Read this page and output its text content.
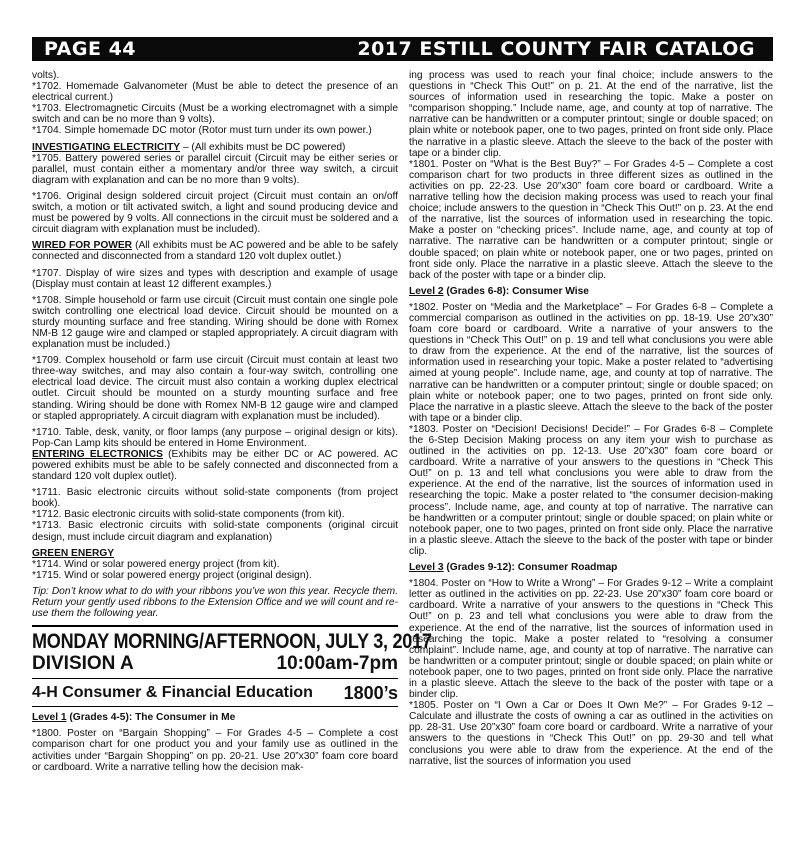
PAGE 44	2017 ESTILL COUNTY FAIR CATALOG

volts).

*1702. Homemade Galvanometer (Must be able to detect the presence of an electrical current.)

*1703. Electromagnetic Circuits (Must be a working electromagnet with a simple switch and can be no more than 9 volts).

*1704. Simple homemade DC motor (Rotor must turn under its own power.)

INVESTIGATING ELECTRICITY – (All exhibits must be DC powered)

*1705. Battery powered series or parallel circuit (Circuit may be either series or parallel, must contain either a momentary and/or three way switch, a circuit diagram with explanation and can be no more than 9 volts).

*1706. Original design soldered circuit project (Circuit must contain an on/off switch, a motion or tilt activated switch, a light and sound producing device and must be powered by 9 volts. All connections in the circuit must be soldered and a circuit diagram with explanation must be included).

WIRED FOR POWER (All exhibits must be AC powered and be able to be safely connected and disconnected from a standard 120 volt duplex outlet.)

*1707. Display of wire sizes and types with description and example of usage (Display must contain at least 12 different examples.)

*1708. Simple household or farm use circuit (Circuit must contain one single pole switch controlling one electrical load device. Circuit should be mounted on a sturdy mounting surface and free standing. Wiring should be done with Romex NM-B 12 gauge wire and clamped or stapled appropriately. A circuit diagram with explanation must be included.)

*1709. Complex household or farm use circuit (Circuit must contain at least two three-way switches, and may also contain a four-way switch, controlling one electrical load device. The circuit must also contain a working duplex electrical outlet. Circuit should be mounted on a sturdy mounting surface and free standing. Wiring should be done with Romex NM-B 12 gauge wire and clamped or stapled appropriately. A circuit diagram with explanation must be included).

*1710. Table, desk, vanity, or floor lamps (any purpose – original design or kits). Pop-Can Lamp kits should be entered in Home Environment.

ENTERING ELECTRONICS (Exhibits may be either DC or AC powered. AC powered exhibits must be able to be safely connected and disconnected from a standard 120 volt duplex outlet).

*1711. Basic electronic circuits without solid-state components (from project book).

*1712. Basic electronic circuits with solid-state components (from kit).

*1713. Basic electronic circuits with solid-state components (original circuit design, must include circuit diagram and explanation)

GREEN ENERGY

*1714. Wind or solar powered energy project (from kit).

*1715. Wind or solar powered energy project (original design).

Tip: Don’t know what to do with your ribbons you’ve won this year. Recycle them. Return your gently used ribbons to the Extension Office and we will count and re-use them the following year.

MONDAY MORNING/AFTERNOON, JULY 3, 2017
DIVISION A	10:00am-7pm
4-H Consumer & Financial Education 1800’s

Level 1 (Grades 4-5): The Consumer in Me

*1800. Poster on “Bargain Shopping” – For Grades 4-5 – Complete a cost comparison chart for one product you and your family use as outlined in the activities under “Bargain Shopping” on pp. 20-21. Use 20”x30” foam core board or cardboard. Write a narrative telling how the decision mak-

ing process was used to reach your final choice; include answers to the questions in “Check This Out!” on p. 21. At the end of the narrative, list the sources of information used in researching the topic. Make a poster on “comparison shopping.” Include name, age, and county at top of narrative. The narrative can be handwritten or a computer printout; single or double spaced; on plain white or notebook paper, one to two pages, printed on front side only. Place the narrative in a plastic sleeve. Attach the sleeve to the back of the poster with tape or a binder clip.

*1801. Poster on “What is the Best Buy?” – For Grades 4-5 – Complete a cost comparison chart for two products in three different sizes as outlined in the activities on pp. 22-23. Use 20”x30” foam core board or cardboard. Write a narrative telling how the decision making process was used to reach your final choice; include answers to the question in “Check This Out!” on p. 23. At the end of the narrative, list the sources of information used in researching the topic. Make a poster on “checking prices”. Include name, age, and county at top of narrative. The narrative can be handwritten or a computer printout; single or double spaced; on plain white or notebook paper, one or two pages, printed on front side only. Place the narrative in a plastic sleeve. Attach the sleeve to the back of the poster with tape or a binder clip.

Level 2 (Grades 6-8): Consumer Wise

*1802. Poster on “Media and the Marketplace” – For Grades 6-8 – Complete a commercial comparison as outlined in the activities on pp. 18-19. Use 20”x30” foam core board or cardboard. Write a narrative of your answers to the questions in “Check This Out!” on p. 19 and tell what conclusions you were able to draw from the experience. At the end of the narrative, list the sources of information used in researching your topic. Make a poster related to “advertising aimed at young people”. Include name, age, and county at top of narrative. The narrative can be handwritten or a computer printout; single or double spaced; on plain white or notebook paper; one to two pages, printed on front side only. Place the narrative in a plastic sleeve. Attach the sleeve to the back of the poster with tape or a binder clip.

*1803. Poster on “Decision! Decisions! Decide!” – For Grades 6-8 – Complete the 6-Step Decision Making process on any item your wish to purchase as outlined in the activities on pp. 12-13. Use 20”x30” foam core board or cardboard. Write a narrative of your answers to the questions in “Check This Out!” on p. 13 and tell what conclusions you were able to draw from the experience. At the end of the narrative, list the sources of information used in researching the topic. Make a poster related to “the consumer decision-making process”. Include name, age, and county at top of narrative. The narrative can be handwritten or a computer printout; single or double spaced; on plain white or notebook paper, one to two pages, printed on front side only. Place the narrative in a plastic sleeve. Attach the sleeve to the back of the poster with tape or binder clip.

Level 3 (Grades 9-12): Consumer Roadmap

*1804. Poster on “How to Write a Wrong” – For Grades 9-12 – Write a complaint letter as outlined in the activities on pp. 22-23. Use 20”x30” foam core board or cardboard. Write a narrative of your answers to the questions in “Check This Out!” on p. 23 and tell what conclusions you were able to draw from the experience. At the end of the narrative, list the sources of information used in researching the topic. Make a poster related to “resolving a consumer complaint”. Include name, age, and county at top of narrative. The narrative can be handwritten or a computer printout; single or double spaced; on plain white or notebook paper, one to two pages, printed on front side only. Place the narrative in a plastic sleeve. Attach the sleeve to the back of the poster with tape or a binder clip.

*1805. Poster on “I Own a Car or Does It Own Me?” – For Grades 9-12 – Calculate and illustrate the costs of owning a car as outlined in the activities on pp. 28-31. Use 20”x30” foam core board or cardboard. Write a narrative of your answers to the questions in “Check This Out!” on pp. 29-30 and tell what conclusions you were able to draw from the experience. At the end of the narrative, list the sources of information you used
